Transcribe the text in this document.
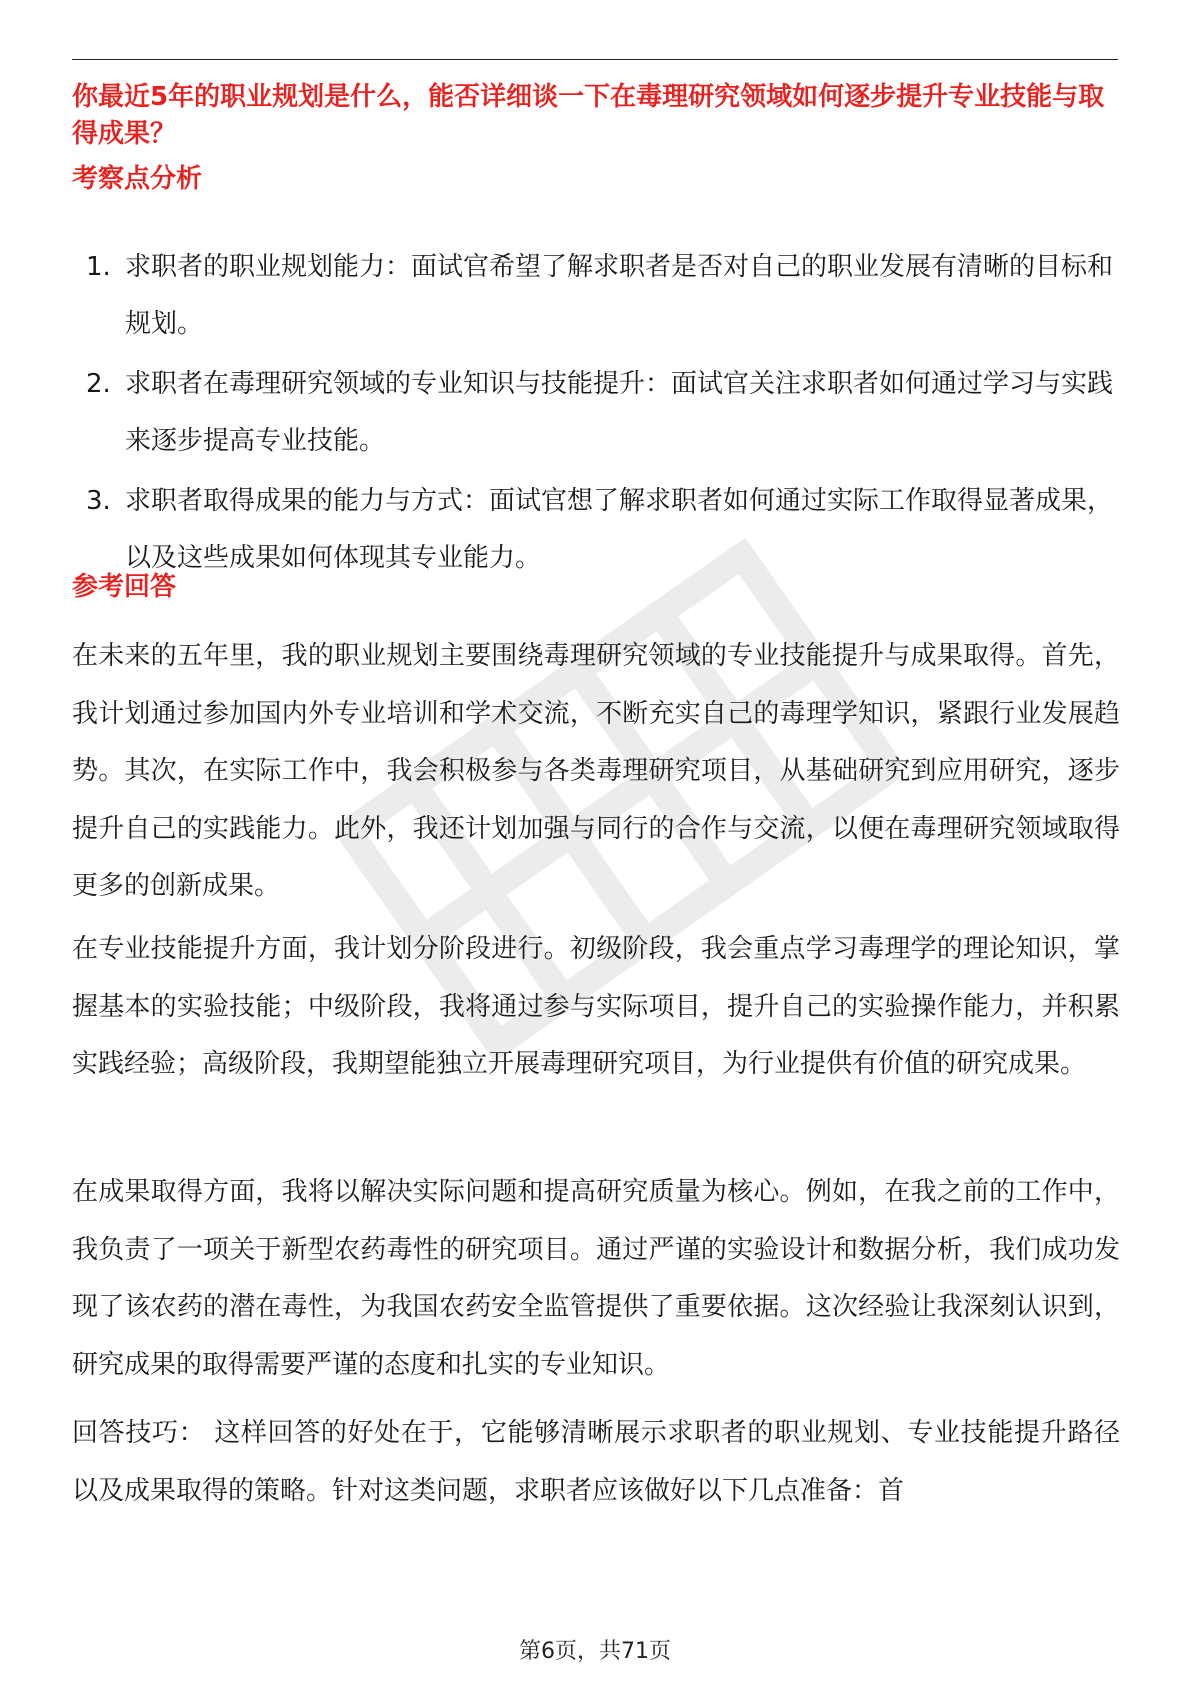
你最近5年的职业规划是什么，能否详细谈一下在毒理研究领域如何逐步提升专业技能与取得成果？

考察点分析
1. 求职者的职业规划能力：面试官希望了解求职者是否对自己的职业发展有清晰的目标和规划。
2. 求职者在毒理研究领域的专业知识与技能提升：面试官关注求职者如何通过学习与实践来逐步提高专业技能。
3. 求职者取得成果的能力与方式：面试官想了解求职者如何通过实际工作取得显著成果，以及这些成果如何体现其专业能力。
参考回答

在未来的五年里，我的职业规划主要围绕毒理研究领域的专业技能提升与成果取得。首先，我计划通过参加国内外专业培训和学术交流，不断充实自己的毒理学知识，紧跟行业发展趋势。其次，在实际工作中，我会积极参与各类毒理研究项目，从基础研究到应用研究，逐步提升自己的实践能力。此外，我还计划加强与同行的合作与交流，以便在毒理研究领域取得更多的创新成果。

在专业技能提升方面，我计划分阶段进行。初级阶段，我会重点学习毒理学的理论知识，掌握基本的实验技能；中级阶段，我将通过参与实际项目，提升自己的实验操作能力，并积累实践经验；高级阶段，我期望能独立开展毒理研究项目，为行业提供有价值的研究成果。

在成果取得方面，我将以解决实际问题和提高研究质量为核心。例如，在我之前的工作中，我负责了一项关于新型农药毒性的研究项目。通过严谨的实验设计和数据分析，我们成功发现了该农药的潜在毒性，为我国农药安全监管提供了重要依据。这次经验让我深刻认识到，研究成果的取得需要严谨的态度和扎实的专业知识。

回答技巧： 这样回答的好处在于，它能够清晰展示求职者的职业规划、专业技能提升路径以及成果取得的策略。针对这类问题，求职者应该做好以下几点准备：首

第6页，共71页
